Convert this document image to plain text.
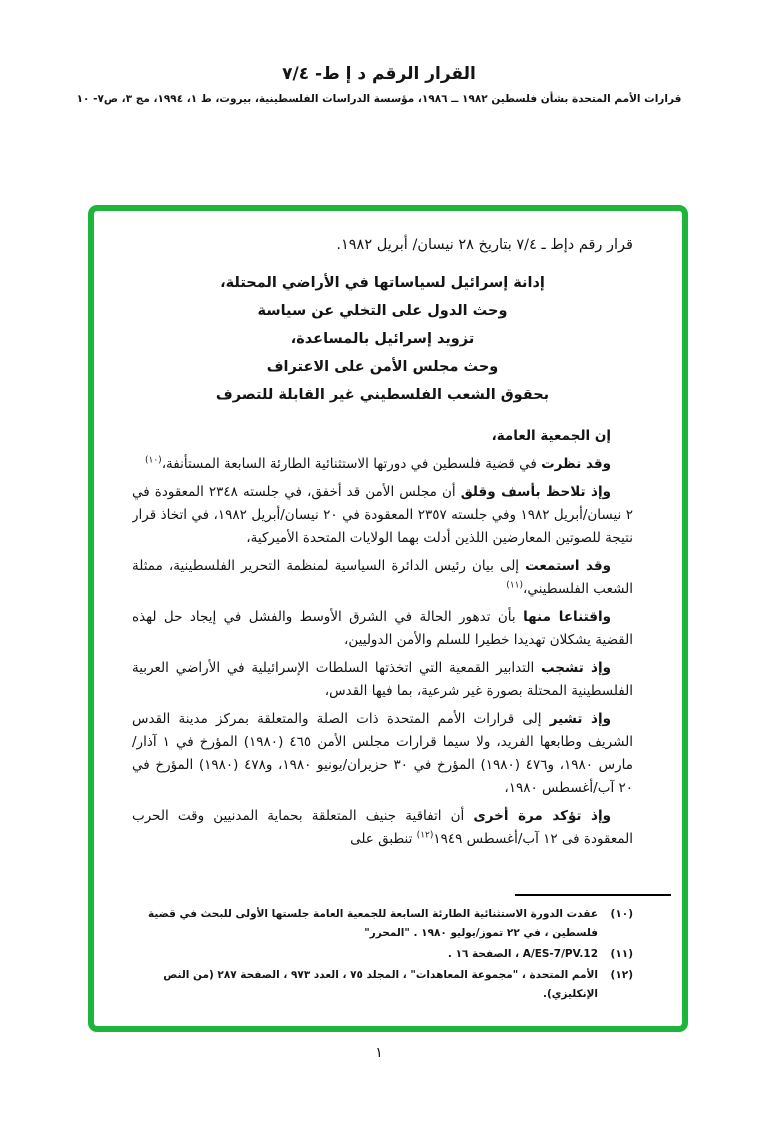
القرار الرقم د إ ط- ٧/٤
قرارات الأمم المتحدة بشأن فلسطين ١٩٨٢ ــ ١٩٨٦، مؤسسة الدراسات الفلسطينية، بيروت، ط ١، ١٩٩٤، مج ٣، ص٧- ١٠
قرار رقم دإط ـ ٧/٤ بتاريخ ٢٨ نيسان/ أبريل ١٩٨٢.
إدانة إسرائيل لسياساتها في الأراضي المحتلة،
وحث الدول على التخلي عن سياسة
تزويد إسرائيل بالمساعدة،
وحث مجلس الأمن على الاعتراف
بحقوق الشعب الفلسطيني غير القابلة للتصرف

إن الجمعية العامة،

وقد نظرت في قضية فلسطين في دورتها الاستثنائية الطارئة السابعة المستأنفة،$^{(١٠)}$

وإذ تلاحظ بأسف وقلق أن مجلس الأمن قد أخفق، في جلسته ٢٣٤٨ المعقودة في ٢ نيسان/أبريل ١٩٨٢ وفي جلسته ٢٣٥٧ المعقودة في ٢٠ نيسان/أبريل ١٩٨٢، في اتخاذ قرار نتيجة للصوتين المعارضين اللذين أدلت بهما الولايات المتحدة الأميركية،

وقد استمعت إلى بيان رئيس الدائرة السياسية لمنظمة التحرير الفلسطينية، ممثلة الشعب الفلسطيني،$^{(١١)}$

واقتناعا منها بأن تدهور الحالة في الشرق الأوسط والفشل في إيجاد حل لهذه القضية يشكلان تهديدا خطيرا للسلم والأمن الدوليين،

وإذ تشجب التدابير القمعية التي اتخذتها السلطات الإسرائيلية في الأراضي العربية الفلسطينية المحتلة بصورة غير شرعية، بما فيها القدس،

وإذ تشير إلى قرارات الأمم المتحدة ذات الصلة والمتعلقة بمركز مدينة القدس الشريف وطابعها الفريد، ولا سيما قرارات مجلس الأمن ٤٦٥ (١٩٨٠) المؤرخ في ١ آذار/مارس ١٩٨٠، و٤٧٦ (١٩٨٠) المؤرخ في ٣٠ حزيران/يونيو ١٩٨٠، و٤٧٨ (١٩٨٠) المؤرخ في ٢٠ آب/أغسطس ١٩٨٠،

وإذ تؤكد مرة أخرى أن اتفاقية جنيف المتعلقة بحماية المدنيين وقت الحرب المعقودة فى ١٢ آب/أغسطس ١٩٤٩$^{(١٢)}$ تنطبق على

(١٠)
عقدت الدورة الاستثنائية الطارئة السابعة للجمعية العامة جلستها الأولى للبحث في قضية فلسطين ، في ٢٢ تموز/يوليو ١٩٨٠ . "المحرر"
(١١)
A/ES-7/PV.12 ، الصفحة ١٦ .
(١٢)
الأمم المتحدة ، "مجموعة المعاهدات" ، المجلد ٧٥ ، العدد ٩٧٣ ، الصفحة ٢٨٧ (من النص الإنكليزي).
١
